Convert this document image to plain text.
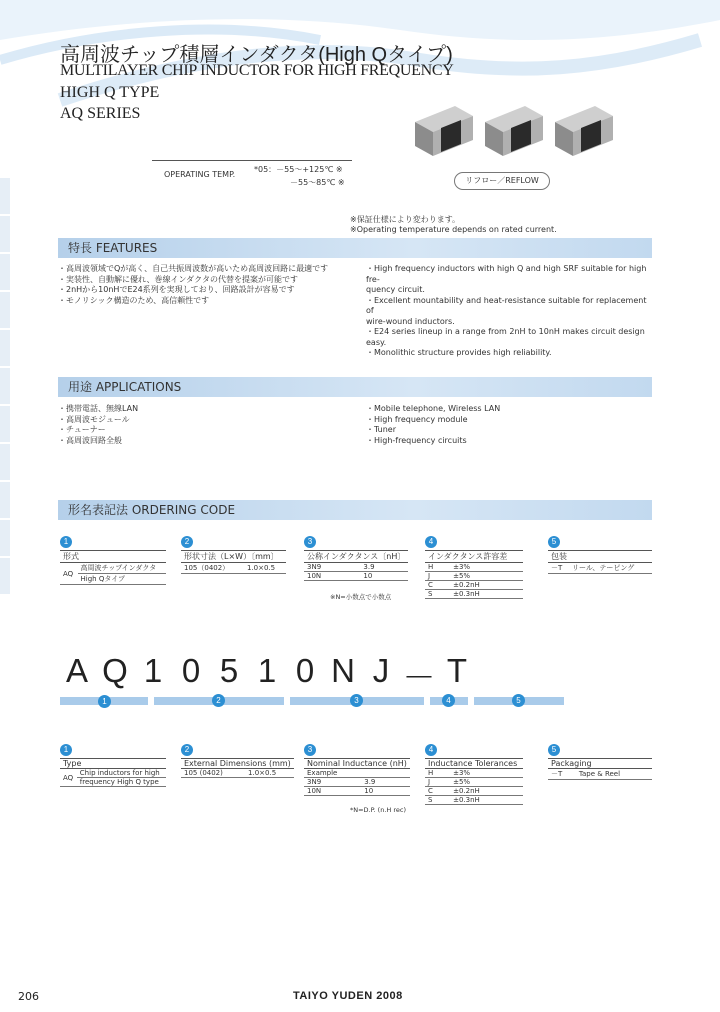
高周波チップ積層インダクタ(High Qタイプ)
MULTILAYER CHIP INDUCTOR FOR HIGH FREQUENCY
HIGH Q TYPE
AQ SERIES
OPERATING TEMP.
*05：－55～+125℃ ※
－55～85℃ ※	リフロー／REFLOW
※保証仕様により変わります。
※Operating temperature depends on rated current.
特長 FEATURES
・高周波領域でQが高く、自己共振周波数が高いため高周波回路に最適です
・実装性、自動解に優れ、巻線インダクタの代替を提案が可能です
・2nHから10nHでE24系列を実現しており、回路設計が容易です
・モノリシック構造のため、高信頼性です
・High frequency inductors with high Q and high SRF suitable for high fre-
quency circuit.
・Excellent mountability and heat-resistance suitable for replacement of
wire-wound inductors.
・E24 series lineup in a range from 2nH to 10nH makes circuit design easy.
・Monolithic structure provides high reliability.
用途 APPLICATIONS
・携帯電話、無線LAN
・高周波モジュール
・チューナー
・高周波回路全般
・Mobile telephone, Wireless LAN
・High frequency module
・Tuner
・High-frequency circuits
形名表記法 ORDERING CODE
1
形式
AQ	高周波チップインダクタ
High Qタイプ
2
形状寸法（L×W）〔mm〕
105（0402）	1.0×0.5
3
公称インダクタンス〔nH〕	
3N9	3.9
10N	10
※N=小数点で小数点
4
インダクタンス許容差	
H	±3%
J	±5%
C	±0.2nH
S	±0.3nH
5
包装
－T	リール、テーピング
A Q 1 0 5 1 0 N J － T
1	2	3	4	5
1
Type
AQ	Chip inductors for high
frequency High Q type
2
External Dimensions (mm)
105 (0402)	1.0×0.5
3
Nominal Inductance (nH)	
Example	
3N9	3.9
10N	10
*N=D.P. (n.H rec)
4
Inductance Tolerances	
H	±3%
J	±5%
C	±0.2nH
S	±0.3nH
5
Packaging
－T	Tape & Reel
206	TAIYO YUDEN 2008
